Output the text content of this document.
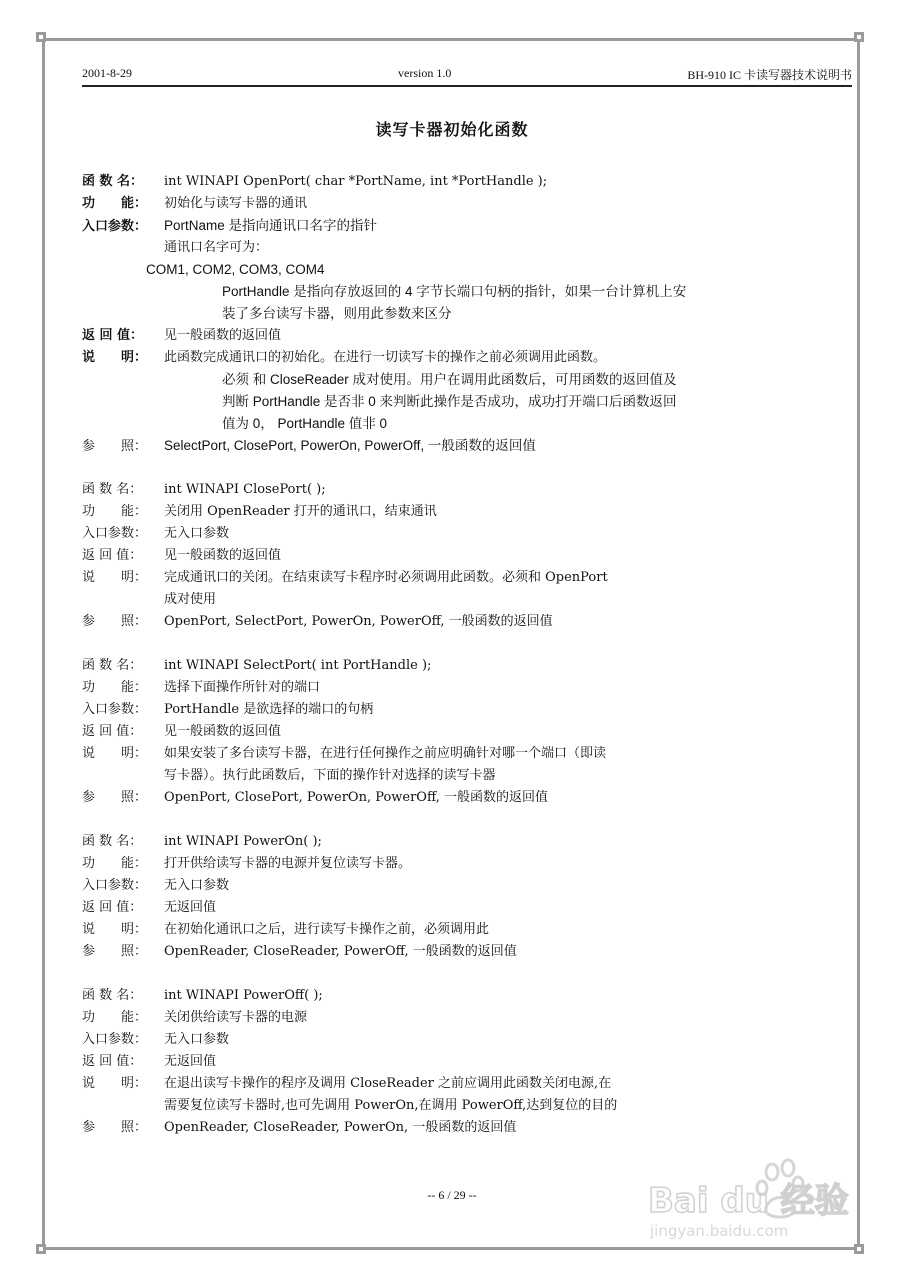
2001-8-29	version 1.0	BH-910 IC 卡读写器技术说明书
读写卡器初始化函数
函 数 名： int WINAPI OpenPort( char *PortName, int *PortHandle );
功　　能： 初始化与读写卡器的通讯
入口参数： PortName 是指向通讯口名字的指针
通讯口名字可为：
COM1, COM2, COM3, COM4
PortHandle 是指向存放返回的 4 字节长端口句柄的指针，如果一台计算机上安
装了多台读写卡器，则用此参数来区分
返 回 值： 见一般函数的返回值
说　　明： 此函数完成通讯口的初始化。在进行一切读写卡的操作之前必须调用此函数。
必须 和 CloseReader 成对使用。用户在调用此函数后，可用函数的返回值及
判断 PortHandle 是否非 0 来判断此操作是否成功，成功打开端口后函数返回
值为 0， PortHandle 值非 0
参　　照： SelectPort, ClosePort, PowerOn, PowerOff, 一般函数的返回值
函 数 名： int WINAPI ClosePort( );
功　　能： 关闭用 OpenReader 打开的通讯口，结束通讯
入口参数： 无入口参数
返 回 值： 见一般函数的返回值
说　　明： 完成通讯口的关闭。在结束读写卡程序时必须调用此函数。必须和 OpenPort
成对使用
参　　照： OpenPort, SelectPort, PowerOn, PowerOff, 一般函数的返回值
函 数 名： int WINAPI SelectPort( int PortHandle );
功　　能： 选择下面操作所针对的端口
入口参数： PortHandle 是欲选择的端口的句柄
返 回 值： 见一般函数的返回值
说　　明： 如果安装了多台读写卡器，在进行任何操作之前应明确针对哪一个端口（即读
写卡器）。执行此函数后，下面的操作针对选择的读写卡器
参　　照： OpenPort, ClosePort, PowerOn, PowerOff, 一般函数的返回值
函 数 名： int WINAPI PowerOn( );
功　　能： 打开供给读写卡器的电源并复位读写卡器。
入口参数： 无入口参数
返 回 值： 无返回值
说　　明： 在初始化通讯口之后，进行读写卡操作之前，必须调用此
参　　照： OpenReader, CloseReader, PowerOff, 一般函数的返回值
函 数 名： int WINAPI PowerOff( );
功　　能： 关闭供给读写卡器的电源
入口参数： 无入口参数
返 回 值： 无返回值
说　　明： 在退出读写卡操作的程序及调用 CloseReader 之前应调用此函数关闭电源,在
需要复位读写卡器时,也可先调用 PowerOn,在调用 PowerOff,达到复位的目的
参　　照： OpenReader, CloseReader, PowerOn, 一般函数的返回值
-- 6 / 29 --	Bai du 经验
jingyan.baidu.com
